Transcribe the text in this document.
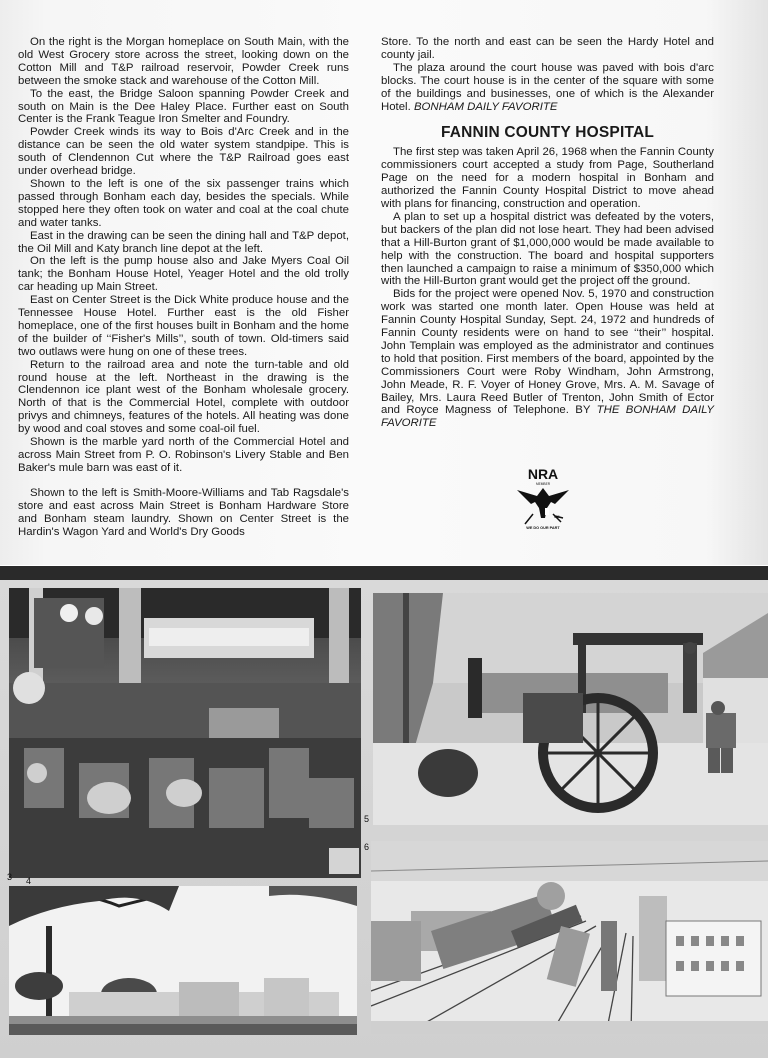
On the right is the Morgan homeplace on South Main, with the old West Grocery store across the street, looking down on the Cotton Mill and T&P railroad reservoir, Powder Creek runs between the smoke stack and warehouse of the Cotton Mill.

To the east, the Bridge Saloon spanning Powder Creek and south on Main is the Dee Haley Place. Further east on South Center is the Frank Teague Iron Smelter and Foundry.

Powder Creek winds its way to Bois d'Arc Creek and in the distance can be seen the old water system standpipe. This is south of Clendennon Cut where the T&P Railroad goes east under overhead bridge.

Shown to the left is one of the six passenger trains which passed through Bonham each day, besides the specials. While stopped here they often took on water and coal at the coal chute and water tanks.

East in the drawing can be seen the dining hall and T&P depot, the Oil Mill and Katy branch line depot at the left.

On the left is the pump house also and Jake Myers Coal Oil tank; the Bonham House Hotel, Yeager Hotel and the old trolly car heading up Main Street.

East on Center Street is the Dick White produce house and the Tennessee House Hotel. Further east is the old Fisher homeplace, one of the first houses built in Bonham and the home of the builder of ‘‘Fisher's Mills’’, south of town. Old-timers said two outlaws were hung on one of these trees.

Return to the railroad area and note the turn-table and old round house at the left. Northeast in the drawing is the Clendennon ice plant west of the Bonham wholesale grocery. North of that is the Commercial Hotel, complete with outdoor privys and chimneys, features of the hotels. All heating was done by wood and coal stoves and some coal-oil fuel.

Shown is the marble yard north of the Commercial Hotel and across Main Street from P. O. Robinson's Livery Stable and Ben Baker's mule barn was east of it.

Shown to the left is Smith-Moore-Williams and Tab Ragsdale's store and east across Main Street is Bonham Hardware Store and Bonham steam laundry. Shown on Center Street is the Hardin's Wagon Yard and World's Dry Goods

Store. To the north and east can be seen the Hardy Hotel and county jail.

The plaza around the court house was paved with bois d'arc blocks. The court house is in the center of the square with some of the buildings and businesses, one of which is the Alexander Hotel. BONHAM DAILY FAVORITE

FANNIN COUNTY HOSPITAL

The first step was taken April 26, 1968 when the Fannin County commissioners court accepted a study from Page, Southerland Page on the need for a modern hospital in Bonham and authorized the Fannin County Hospital District to move ahead with plans for financing, construction and operation.

A plan to set up a hospital district was defeated by the voters, but backers of the plan did not lose heart. They had been advised that a Hill-Burton grant of $1,000,000 would be made available to help with the construction. The board and hospital supporters then launched a campaign to raise a minimum of $350,000 which with the Hill-Burton grant would get the project off the ground.

Bids for the project were opened Nov. 5, 1970 and construction work was started one month later. Open House was held at Fannin County Hospital Sunday, Sept. 24, 1972 and hundreds of Fannin County residents were on hand to see ‘‘their’’ hospital. John Templain was employed as the administrator and continues to hold that position. First members of the board, appointed by the Commissioners Court were Roby Windham, John Armstrong, John Meade, R. F. Voyer of Honey Grove, Mrs. A. M. Savage of Bailey, Mrs. Laura Reed Butler of Trenton, John Smith of Ector and Royce Magness of Telephone. BY THE BONHAM DAILY FAVORITE

NRA
MEMBER
U.S.
WE DO OUR PART
3 4
5
6
